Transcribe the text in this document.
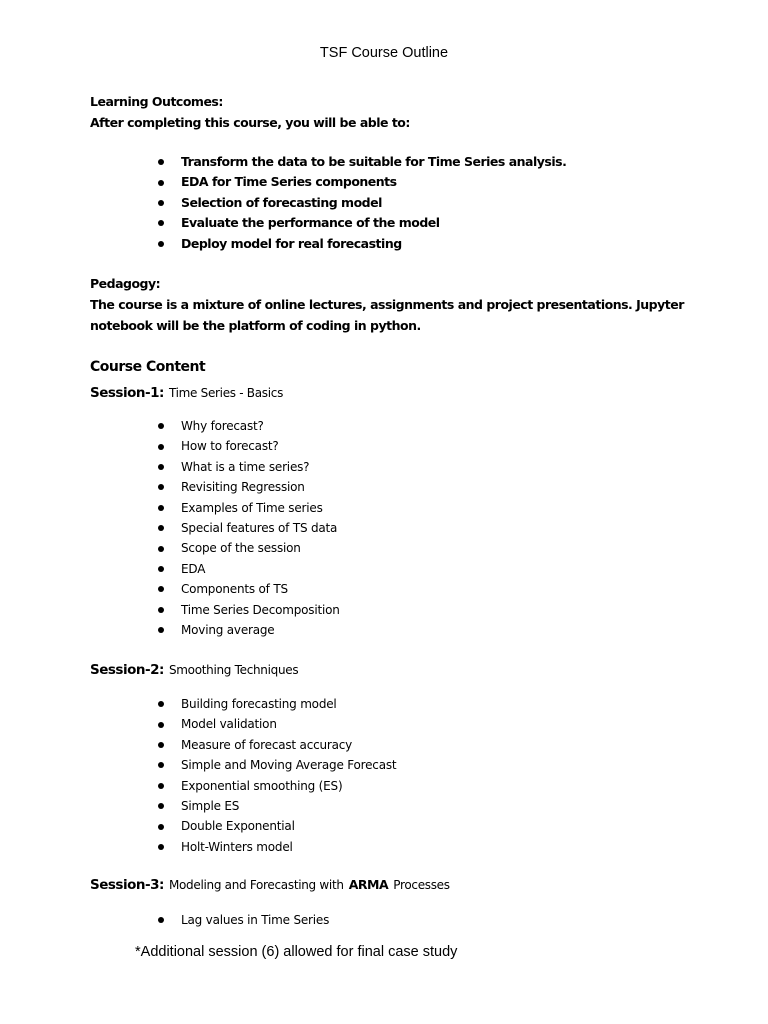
TSF Course Outline

Learning Outcomes:

After completing this course, you will be able to:

Transform the data to be suitable for Time Series analysis.
EDA for Time Series components
Selection of forecasting model
Evaluate the performance of the model
Deploy model for real forecasting

Pedagogy:

The course is a mixture of online lectures, assignments and project presentations. Jupyter notebook will be the platform of coding in python.

Course Content

Session-1: Time Series - Basics

Why forecast?
How to forecast?
What is a time series?
Revisiting Regression
Examples of Time series
Special features of TS data
Scope of the session
EDA
Components of TS
Time Series Decomposition
Moving average

Session-2: Smoothing Techniques

Building forecasting model
Model validation
Measure of forecast accuracy
Simple and Moving Average Forecast
Exponential smoothing (ES)
Simple ES
Double Exponential
Holt-Winters model

Session-3: Modeling and Forecasting with ARMA Processes

Lag values in Time Series
*Additional session (6) allowed for final case study
